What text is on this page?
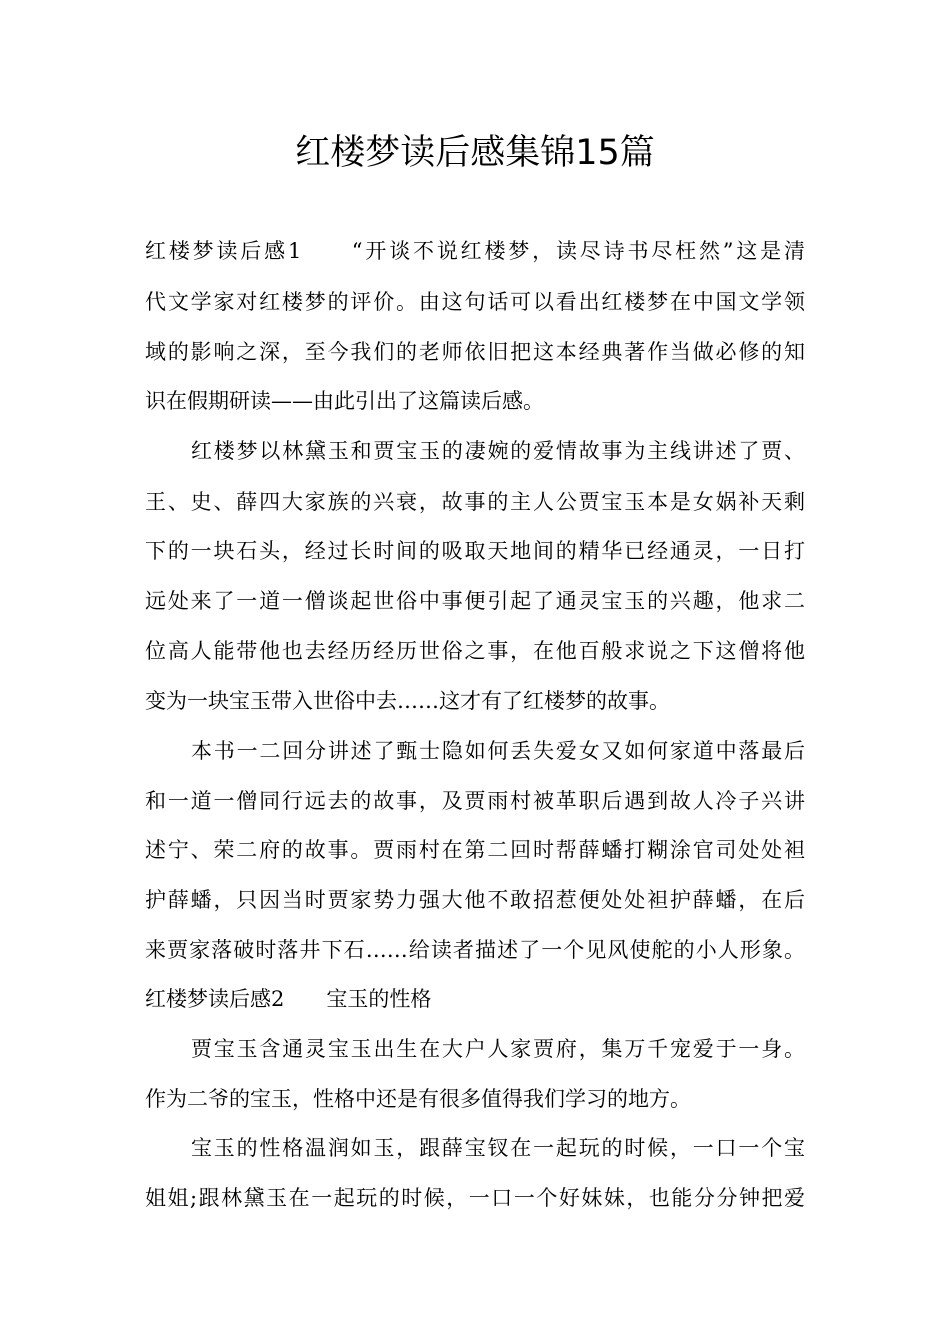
红楼梦读后感集锦15篇
红楼梦读后感1　　“开谈不说红楼梦，读尽诗书尽枉然”这是清
代文学家对红楼梦的评价。由这句话可以看出红楼梦在中国文学领
域的影响之深，至今我们的老师依旧把这本经典著作当做必修的知
识在假期研读——由此引出了这篇读后感。
红楼梦以林黛玉和贾宝玉的凄婉的爱情故事为主线讲述了贾、
王、史、薛四大家族的兴衰，故事的主人公贾宝玉本是女娲补天剩
下的一块石头，经过长时间的吸取天地间的精华已经通灵，一日打
远处来了一道一僧谈起世俗中事便引起了通灵宝玉的兴趣，他求二
位高人能带他也去经历经历世俗之事，在他百般求说之下这僧将他
变为一块宝玉带入世俗中去……这才有了红楼梦的故事。
本书一二回分讲述了甄士隐如何丢失爱女又如何家道中落最后
和一道一僧同行远去的故事，及贾雨村被革职后遇到故人冷子兴讲
述宁、荣二府的故事。贾雨村在第二回时帮薛蟠打糊涂官司处处袒
护薛蟠，只因当时贾家势力强大他不敢招惹便处处袒护薛蟠，在后
来贾家落破时落井下石……给读者描述了一个见风使舵的小人形象。
红楼梦读后感2　　宝玉的性格
贾宝玉含通灵宝玉出生在大户人家贾府，集万千宠爱于一身。
作为二爷的宝玉，性格中还是有很多值得我们学习的地方。
宝玉的性格温润如玉，跟薛宝钗在一起玩的时候，一口一个宝
姐姐;跟林黛玉在一起玩的时候，一口一个好妹妹，也能分分钟把爱
